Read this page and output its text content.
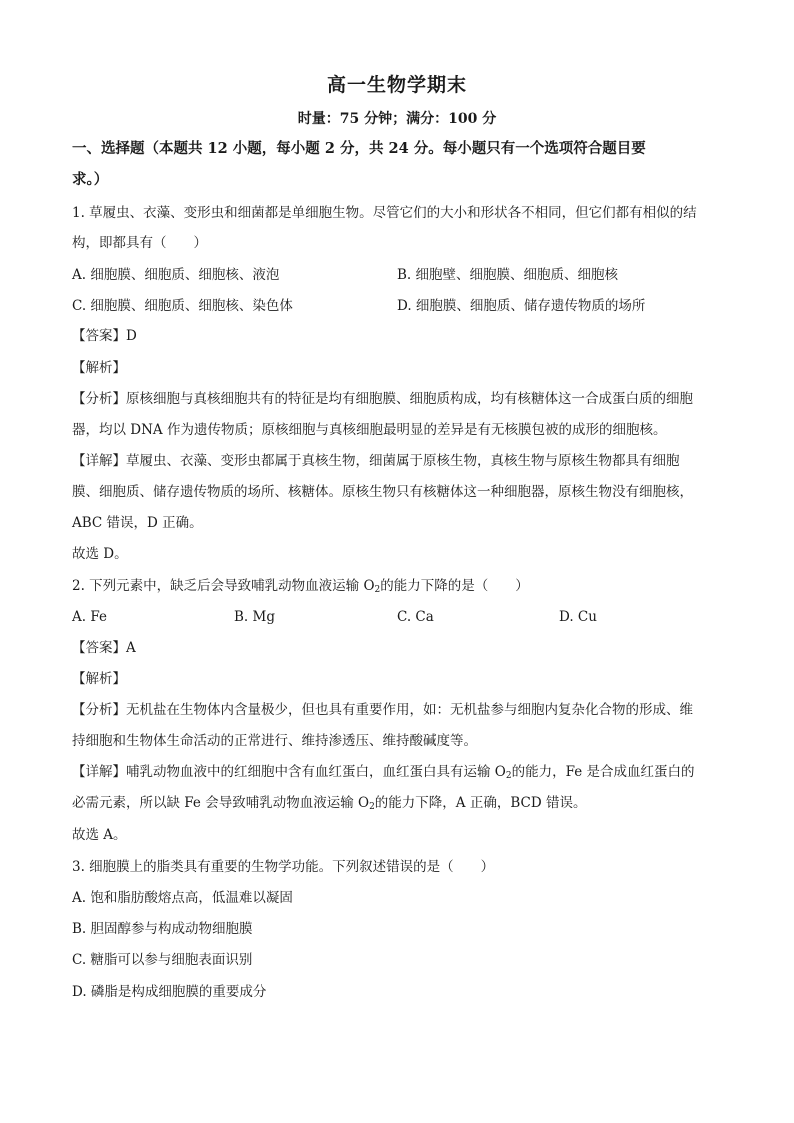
高一生物学期末
时量：75 分钟；满分：100 分
一、选择题（本题共 12 小题，每小题 2 分，共 24 分。每小题只有一个选项符合题目要
求。）
1. 草履虫、衣藻、变形虫和细菌都是单细胞生物。尽管它们的大小和形状各不相同，但它们都有相似的结
构，即都具有（　　）
A. 细胞膜、细胞质、细胞核、液泡	B. 细胞壁、细胞膜、细胞质、细胞核
C. 细胞膜、细胞质、细胞核、染色体	D. 细胞膜、细胞质、储存遗传物质的场所
【答案】D
【解析】
【分析】原核细胞与真核细胞共有的特征是均有细胞膜、细胞质构成，均有核糖体这一合成蛋白质的细胞
器，均以 DNA 作为遗传物质；原核细胞与真核细胞最明显的差异是有无核膜包被的成形的细胞核。
【详解】草履虫、衣藻、变形虫都属于真核生物，细菌属于原核生物，真核生物与原核生物都具有细胞
膜、细胞质、储存遗传物质的场所、核糖体。原核生物只有核糖体这一种细胞器，原核生物没有细胞核，
ABC 错误，D 正确。
故选 D。
2. 下列元素中，缺乏后会导致哺乳动物血液运输 $O_2$的能力下降的是（　　）
A. Fe	B. Mg	C. Ca	D. Cu
【答案】A
【解析】
【分析】无机盐在生物体内含量极少，但也具有重要作用，如：无机盐参与细胞内复杂化合物的形成、维
持细胞和生物体生命活动的正常进行、维持渗透压、维持酸碱度等。
【详解】哺乳动物血液中的红细胞中含有血红蛋白，血红蛋白具有运输 $O_2$的能力，Fe 是合成血红蛋白的
必需元素，所以缺 Fe 会导致哺乳动物血液运输 $O_2$的能力下降，A 正确，BCD 错误。
故选 A。
3. 细胞膜上的脂类具有重要的生物学功能。下列叙述错误的是（　　）
A. 饱和脂肪酸熔点高，低温难以凝固
B. 胆固醇参与构成动物细胞膜
C. 糖脂可以参与细胞表面识别
D. 磷脂是构成细胞膜的重要成分
